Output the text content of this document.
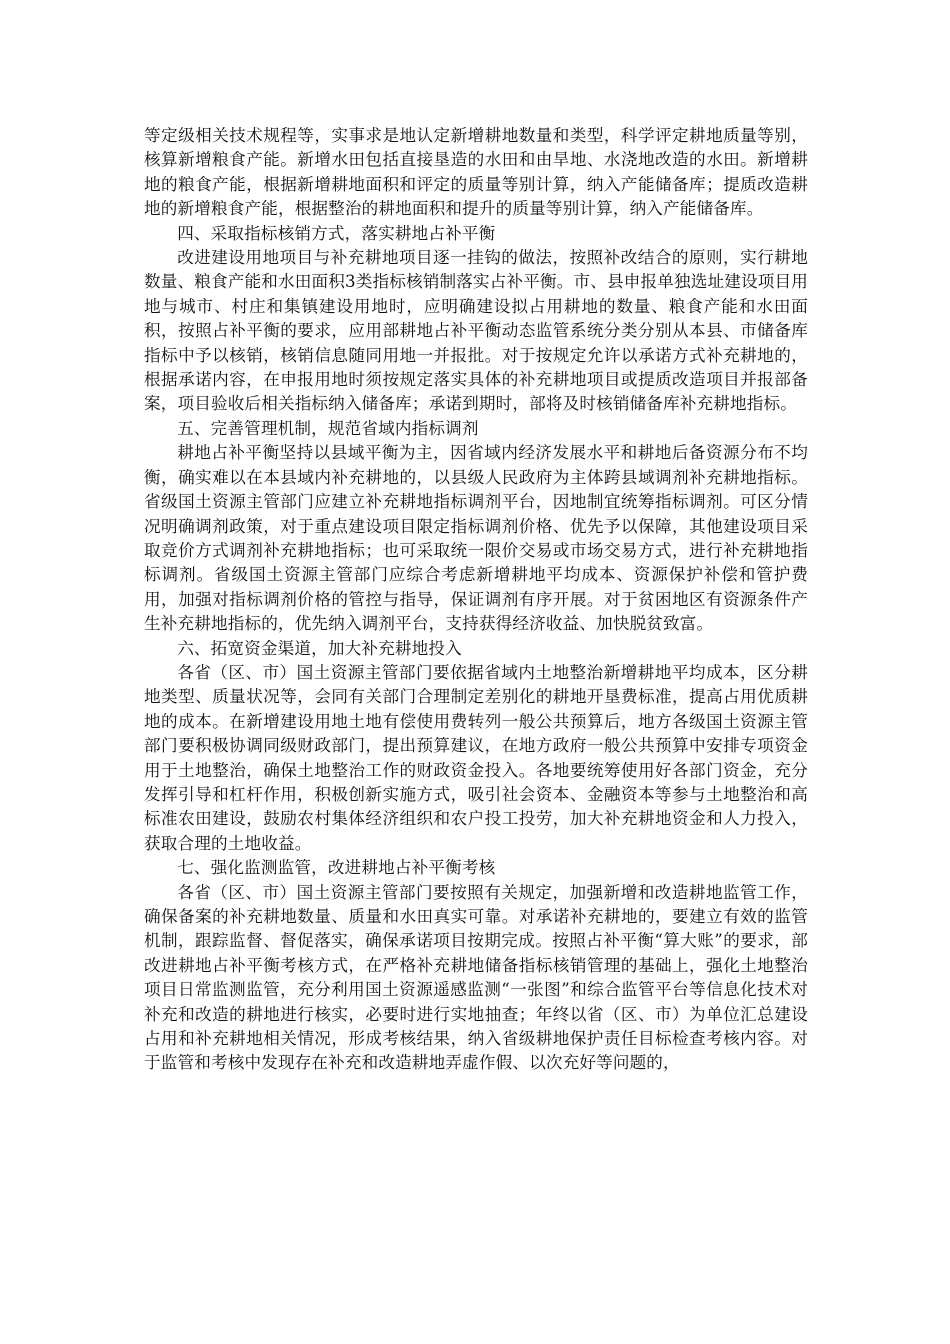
等定级相关技术规程等，实事求是地认定新增耕地数量和类型，科学评定耕地质量等别，核算新增粮食产能。新增水田包括直接垦造的水田和由旱地、水浇地改造的水田。新增耕地的粮食产能，根据新增耕地面积和评定的质量等别计算，纳入产能储备库；提质改造耕地的新增粮食产能，根据整治的耕地面积和提升的质量等别计算，纳入产能储备库。

四、采取指标核销方式，落实耕地占补平衡

改进建设用地项目与补充耕地项目逐一挂钩的做法，按照补改结合的原则，实行耕地数量、粮食产能和水田面积3类指标核销制落实占补平衡。市、县申报单独选址建设项目用地与城市、村庄和集镇建设用地时，应明确建设拟占用耕地的数量、粮食产能和水田面积，按照占补平衡的要求，应用部耕地占补平衡动态监管系统分类分别从本县、市储备库指标中予以核销，核销信息随同用地一并报批。对于按规定允许以承诺方式补充耕地的，根据承诺内容，在申报用地时须按规定落实具体的补充耕地项目或提质改造项目并报部备案，项目验收后相关指标纳入储备库；承诺到期时，部将及时核销储备库补充耕地指标。

五、完善管理机制，规范省域内指标调剂

耕地占补平衡坚持以县域平衡为主，因省域内经济发展水平和耕地后备资源分布不均衡，确实难以在本县域内补充耕地的，以县级人民政府为主体跨县域调剂补充耕地指标。省级国土资源主管部门应建立补充耕地指标调剂平台，因地制宜统筹指标调剂。可区分情况明确调剂政策，对于重点建设项目限定指标调剂价格、优先予以保障，其他建设项目采取竞价方式调剂补充耕地指标；也可采取统一限价交易或市场交易方式，进行补充耕地指标调剂。省级国土资源主管部门应综合考虑新增耕地平均成本、资源保护补偿和管护费用，加强对指标调剂价格的管控与指导，保证调剂有序开展。对于贫困地区有资源条件产生补充耕地指标的，优先纳入调剂平台，支持获得经济收益、加快脱贫致富。

六、拓宽资金渠道，加大补充耕地投入

各省（区、市）国土资源主管部门要依据省域内土地整治新增耕地平均成本，区分耕地类型、质量状况等，会同有关部门合理制定差别化的耕地开垦费标准，提高占用优质耕地的成本。在新增建设用地土地有偿使用费转列一般公共预算后，地方各级国土资源主管部门要积极协调同级财政部门，提出预算建议，在地方政府一般公共预算中安排专项资金用于土地整治，确保土地整治工作的财政资金投入。各地要统筹使用好各部门资金，充分发挥引导和杠杆作用，积极创新实施方式，吸引社会资本、金融资本等参与土地整治和高标准农田建设，鼓励农村集体经济组织和农户投工投劳，加大补充耕地资金和人力投入，获取合理的土地收益。

七、强化监测监管，改进耕地占补平衡考核

各省（区、市）国土资源主管部门要按照有关规定，加强新增和改造耕地监管工作，确保备案的补充耕地数量、质量和水田真实可靠。对承诺补充耕地的，要建立有效的监管机制，跟踪监督、督促落实，确保承诺项目按期完成。按照占补平衡“算大账”的要求，部改进耕地占补平衡考核方式，在严格补充耕地储备指标核销管理的基础上，强化土地整治项目日常监测监管，充分利用国土资源遥感监测“一张图”和综合监管平台等信息化技术对补充和改造的耕地进行核实，必要时进行实地抽查；年终以省（区、市）为单位汇总建设占用和补充耕地相关情况，形成考核结果，纳入省级耕地保护责任目标检查考核内容。对于监管和考核中发现存在补充和改造耕地弄虚作假、以次充好等问题的，
